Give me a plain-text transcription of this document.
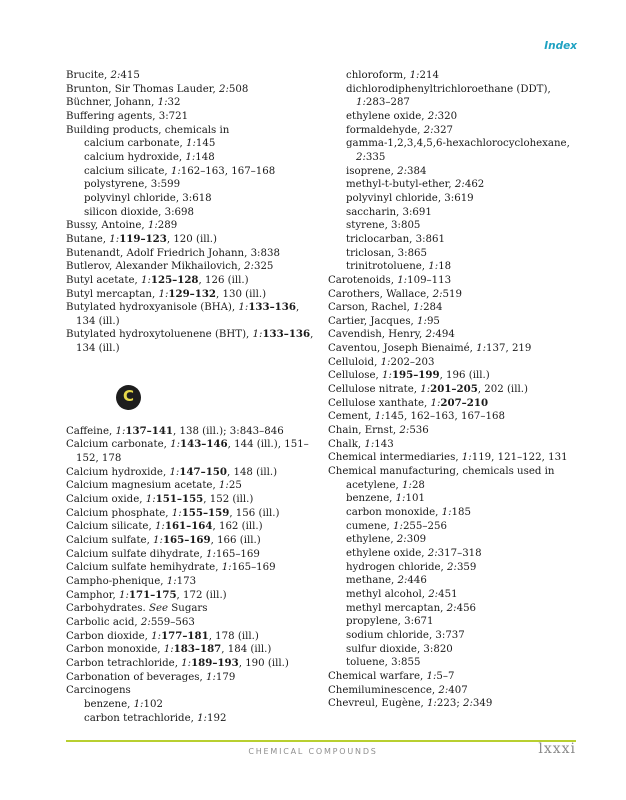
Index
Brucite, 2:415
Brunton, Sir Thomas Lauder, 2:508
Büchner, Johann, 1:32
Buffering agents, 3:721
Building products, chemicals in
calcium carbonate, 1:145
calcium hydroxide, 1:148
calcium silicate, 1:162–163, 167–168
polystyrene, 3:599
polyvinyl chloride, 3:618
silicon dioxide, 3:698
Bussy, Antoine, 1:289
Butane, 1:119–123, 120 (ill.)
Butenandt, Adolf Friedrich Johann, 3:838
Butlerov, Alexander Mikhailovich, 2:325
Butyl acetate, 1:125–128, 126 (ill.)
Butyl mercaptan, 1:129–132, 130 (ill.)
Butylated hydroxyanisole (BHA), 1:133–136, 134 (ill.)
Butylated hydroxytoluenene (BHT), 1:133–136, 134 (ill.)
C
Caffeine, 1:137–141, 138 (ill.); 3:843–846
Calcium carbonate, 1:143–146, 144 (ill.), 151–152, 178
Calcium hydroxide, 1:147–150, 148 (ill.)
Calcium magnesium acetate, 1:25
Calcium oxide, 1:151–155, 152 (ill.)
Calcium phosphate, 1:155–159, 156 (ill.)
Calcium silicate, 1:161–164, 162 (ill.)
Calcium sulfate, 1:165–169, 166 (ill.)
Calcium sulfate dihydrate, 1:165–169
Calcium sulfate hemihydrate, 1:165–169
Campho-phenique, 1:173
Camphor, 1:171–175, 172 (ill.)
Carbohydrates. See Sugars
Carbolic acid, 2:559–563
Carbon dioxide, 1:177–181, 178 (ill.)
Carbon monoxide, 1:183–187, 184 (ill.)
Carbon tetrachloride, 1:189–193, 190 (ill.)
Carbonation of beverages, 1:179
Carcinogens
benzene, 1:102
carbon tetrachloride, 1:192
chloroform, 1:214
dichlorodiphenyltrichloroethane (DDT), 1:283–287
ethylene oxide, 2:320
formaldehyde, 2:327
gamma-1,2,3,4,5,6-hexachlorocyclohexane, 2:335
isoprene, 2:384
methyl-t-butyl-ether, 2:462
polyvinyl chloride, 3:619
saccharin, 3:691
styrene, 3:805
triclocarban, 3:861
triclosan, 3:865
trinitrotoluene, 1:18
Carotenoids, 1:109–113
Carothers, Wallace, 2:519
Carson, Rachel, 1:284
Cartier, Jacques, 1:95
Cavendish, Henry, 2:494
Caventou, Joseph Bienaimé, 1:137, 219
Celluloid, 1:202–203
Cellulose, 1:195–199, 196 (ill.)
Cellulose nitrate, 1:201–205, 202 (ill.)
Cellulose xanthate, 1:207–210
Cement, 1:145, 162–163, 167–168
Chain, Ernst, 2:536
Chalk, 1:143
Chemical intermediaries, 1:119, 121–122, 131
Chemical manufacturing, chemicals used in
acetylene, 1:28
benzene, 1:101
carbon monoxide, 1:185
cumene, 1:255–256
ethylene, 2:309
ethylene oxide, 2:317–318
hydrogen chloride, 2:359
methane, 2:446
methyl alcohol, 2:451
methyl mercaptan, 2:456
propylene, 3:671
sodium chloride, 3:737
sulfur dioxide, 3:820
toluene, 3:855
Chemical warfare, 1:5–7
Chemiluminescence, 2:407
Chevreul, Eugène, 1:223; 2:349
CHEMICAL COMPOUNDS	lxxxi
